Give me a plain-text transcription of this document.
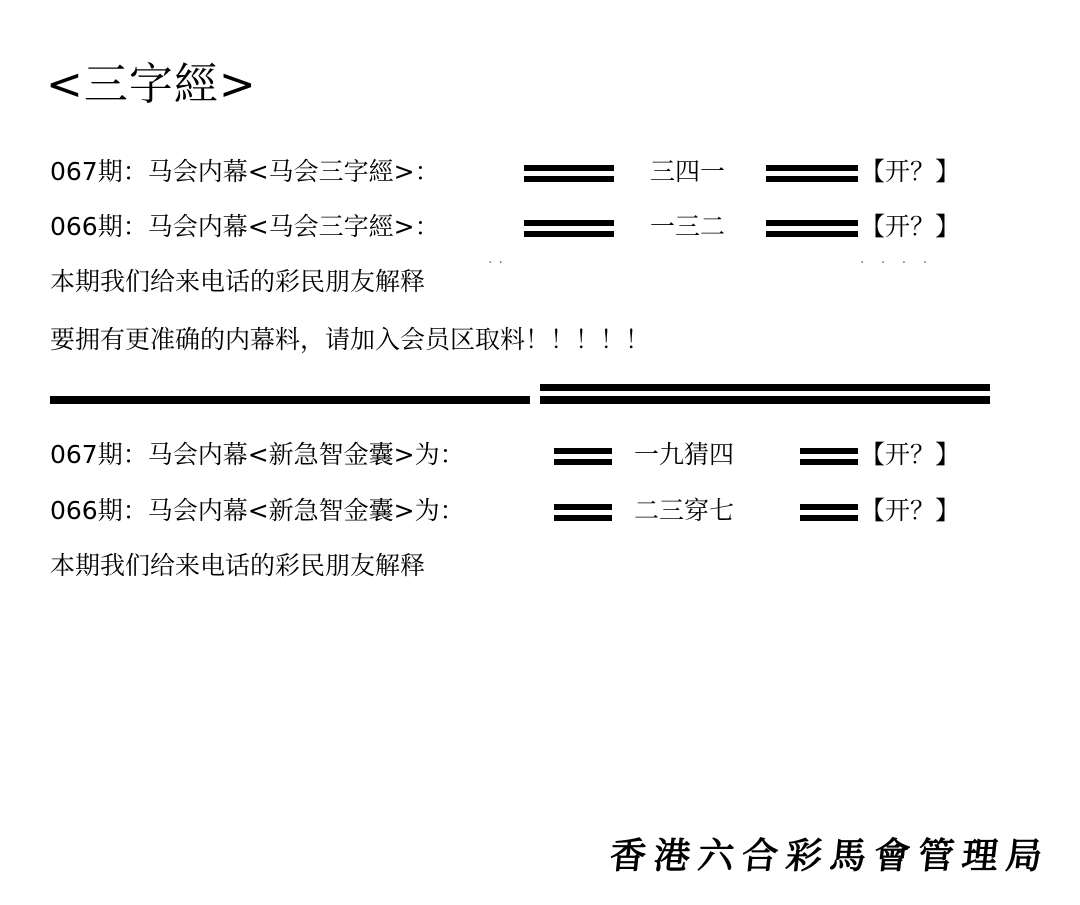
<三字經>
067期：马会内幕<马会三字經>：	三四一	【开？】
066期：马会内幕<马会三字經>：	一三二	【开？】
··	· · · ·
本期我们给来电话的彩民朋友解释
要拥有更准确的内幕料，请加入会员区取料！！！！！
067期：马会内幕<新急智金囊>为：	一九猜四	【开？】
066期：马会内幕<新急智金囊>为：	二三穿七	【开？】
本期我们给来电话的彩民朋友解释
香港六合彩馬會管理局
